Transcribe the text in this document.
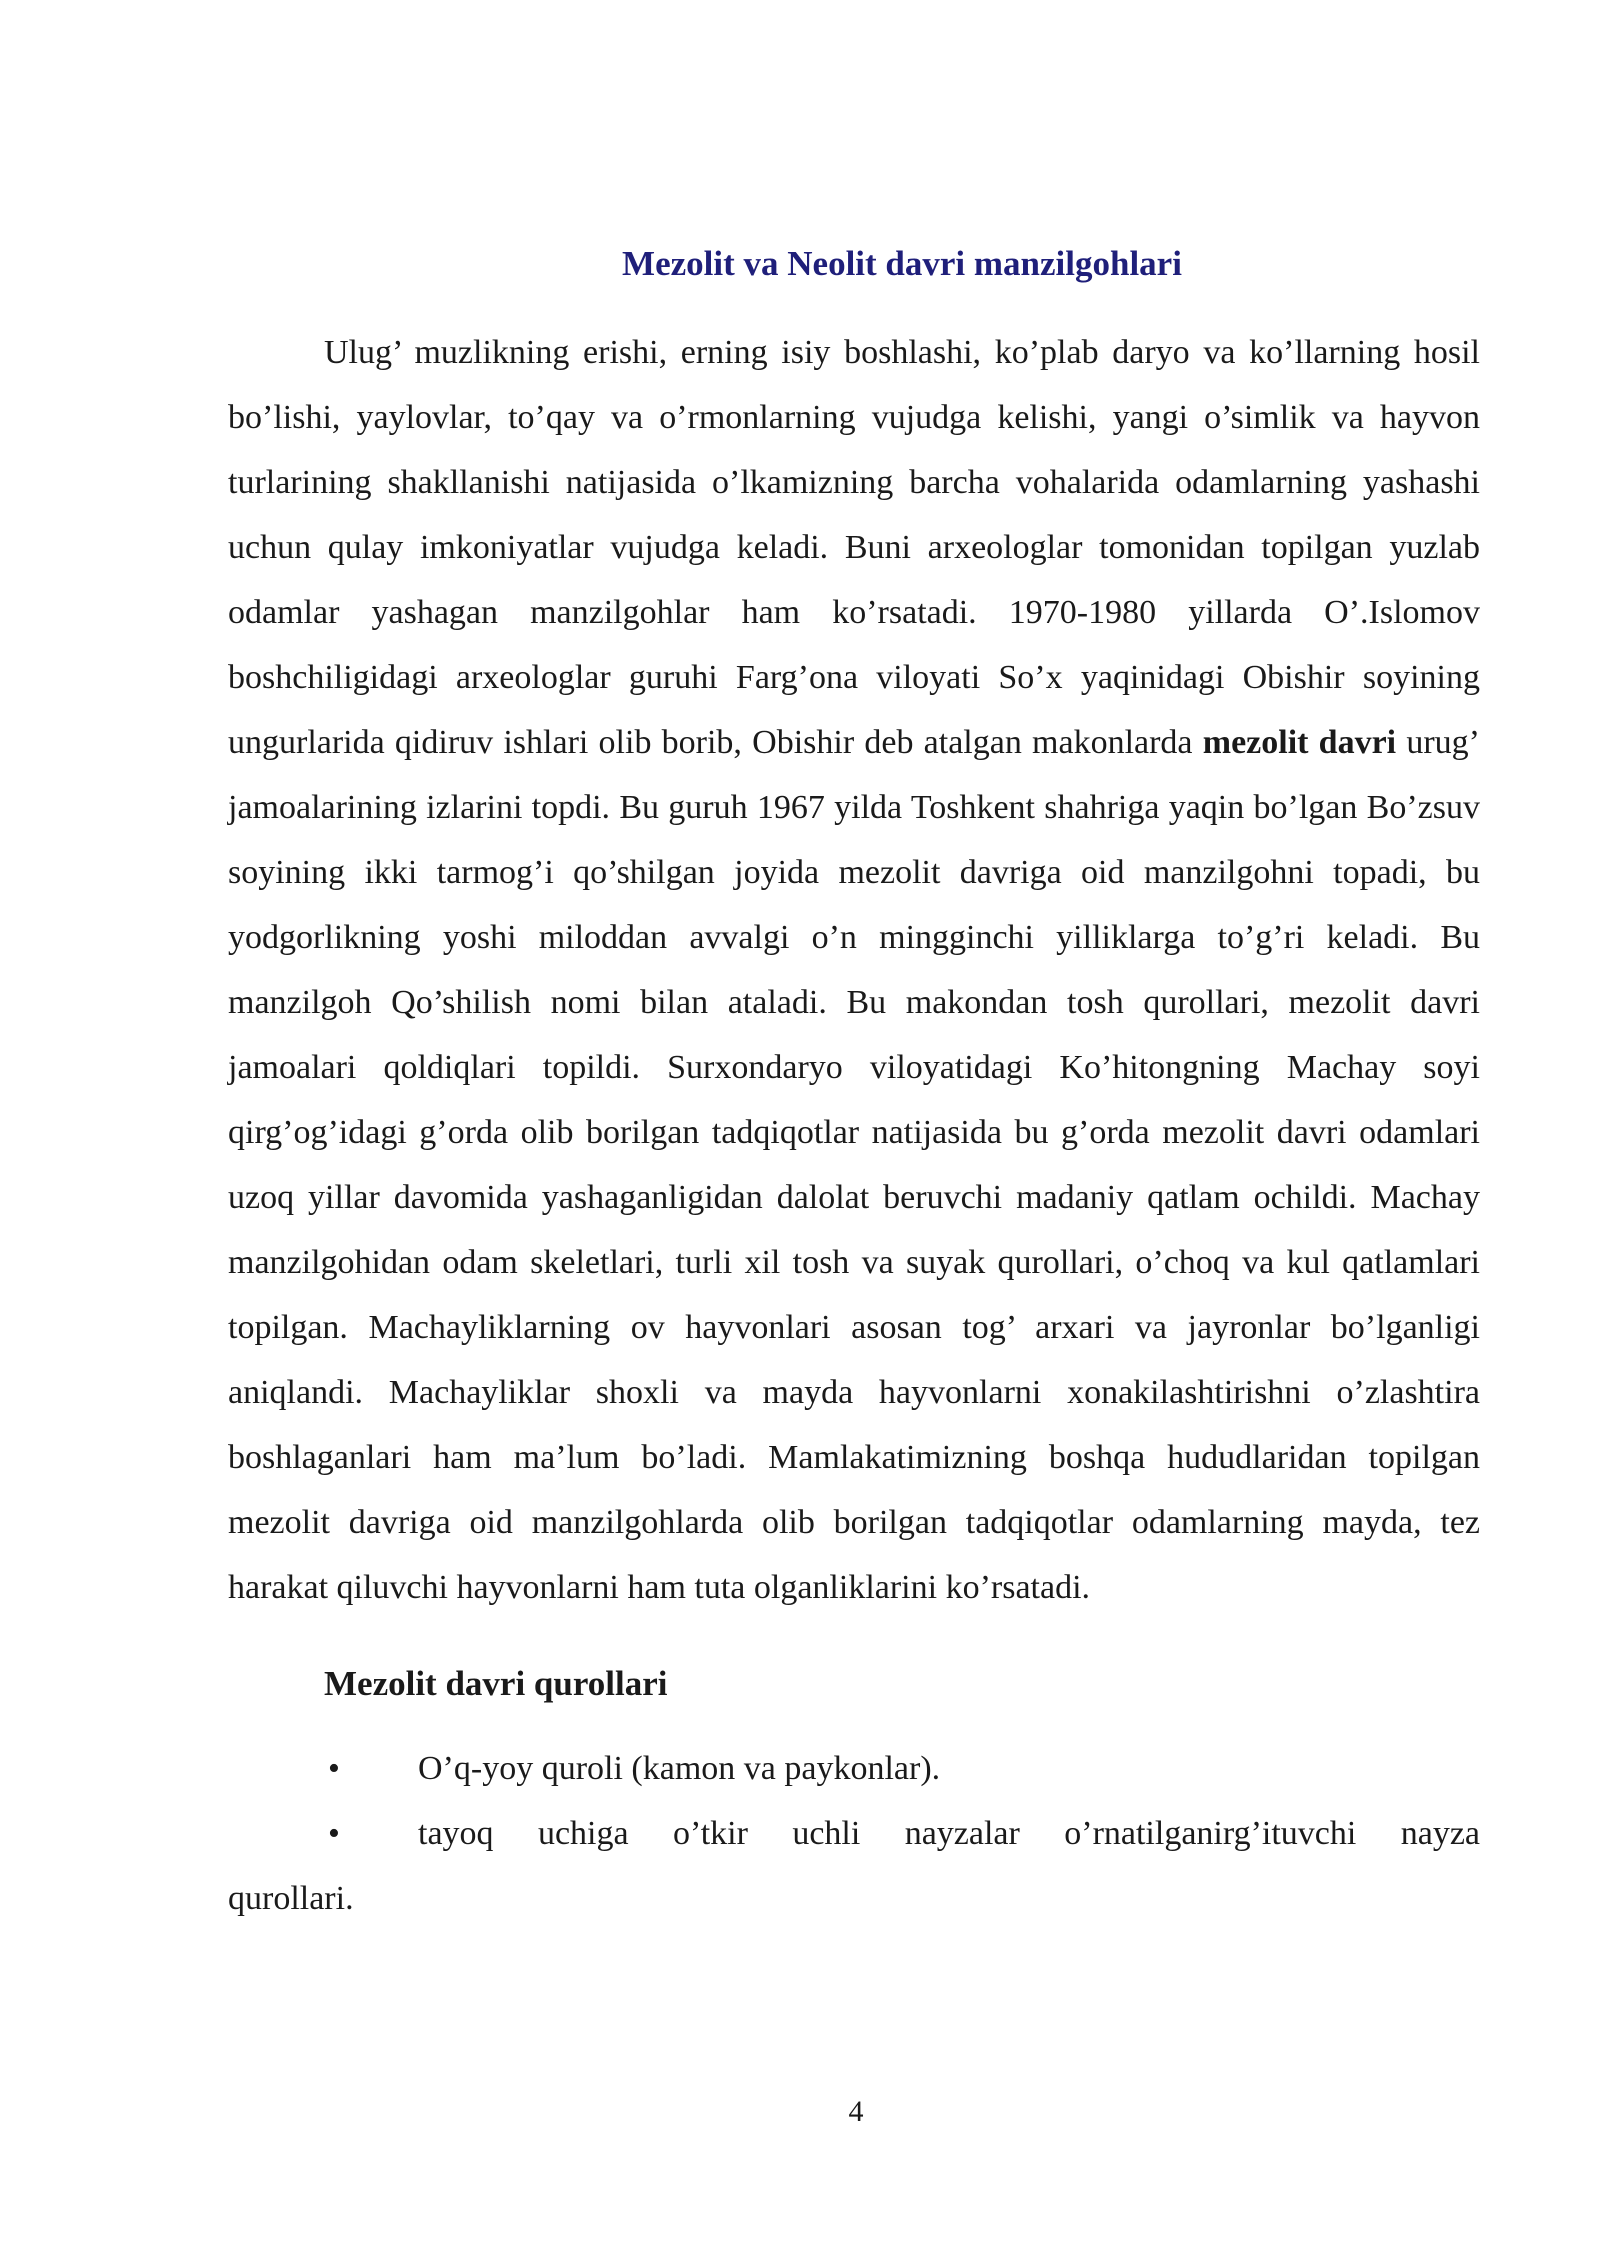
Mezolit va Neolit davri manzilgohlari

Ulug’ muzlikning erishi, erning isiy boshlashi, ko’plab daryo va ko’llarning hosil bo’lishi, yaylovlar, to’qay va o’rmonlarning vujudga kelishi, yangi o’simlik va hayvon turlarining shakllanishi natijasida o’lkamizning barcha vohalarida odamlarning yashashi uchun qulay imkoniyatlar vujudga keladi. Buni arxeologlar tomonidan topilgan yuzlab odamlar yashagan manzilgohlar ham ko’rsatadi. 1970-1980 yillarda O’.Islomov boshchiligidagi arxeologlar guruhi Farg’ona viloyati So’x yaqinidagi Obishir soyining ungurlarida qidiruv ishlari olib borib, Obishir deb atalgan makonlarda mezolit davri urug’ jamoalarining izlarini topdi. Bu guruh 1967 yilda Toshkent shahriga yaqin bo’lgan Bo’zsuv soyining ikki tarmog’i qo’shilgan joyida mezolit davriga oid manzilgohni topadi, bu yodgorlikning yoshi miloddan avvalgi o’n mingginchi yilliklarga to’g’ri keladi. Bu manzilgoh Qo’shilish nomi bilan ataladi. Bu makondan tosh qurollari, mezolit davri jamoalari qoldiqlari topildi. Surxondaryo viloyatidagi Ko’hitongning Machay soyi qirg’og’idagi g’orda olib borilgan tadqiqotlar natijasida bu g’orda mezolit davri odamlari uzoq yillar davomida yashaganligidan dalolat beruvchi madaniy qatlam ochildi. Machay manzilgohidan odam skeletlari, turli xil tosh va suyak qurollari, o’choq va kul qatlamlari topilgan. Machayliklarning ov hayvonlari asosan tog’ arxari va jayronlar bo’lganligi aniqlandi. Machayliklar shoxli va mayda hayvonlarni xonakilashtirishni o’zlashtira boshlaganlari ham ma’lum bo’ladi. Mamlakatimizning boshqa hududlaridan topilgan mezolit davriga oid manzilgohlarda olib borilgan tadqiqotlar odamlarning mayda, tez harakat qiluvchi hayvonlarni ham tuta olganliklarini ko’rsatadi.

Mezolit davri qurollari
• O’q-yoy quroli (kamon va paykonlar).
• tayoq uchiga o’tkir uchli nayzalar o’rnatilganirg’ituvchi nayza

qurollari.

4
